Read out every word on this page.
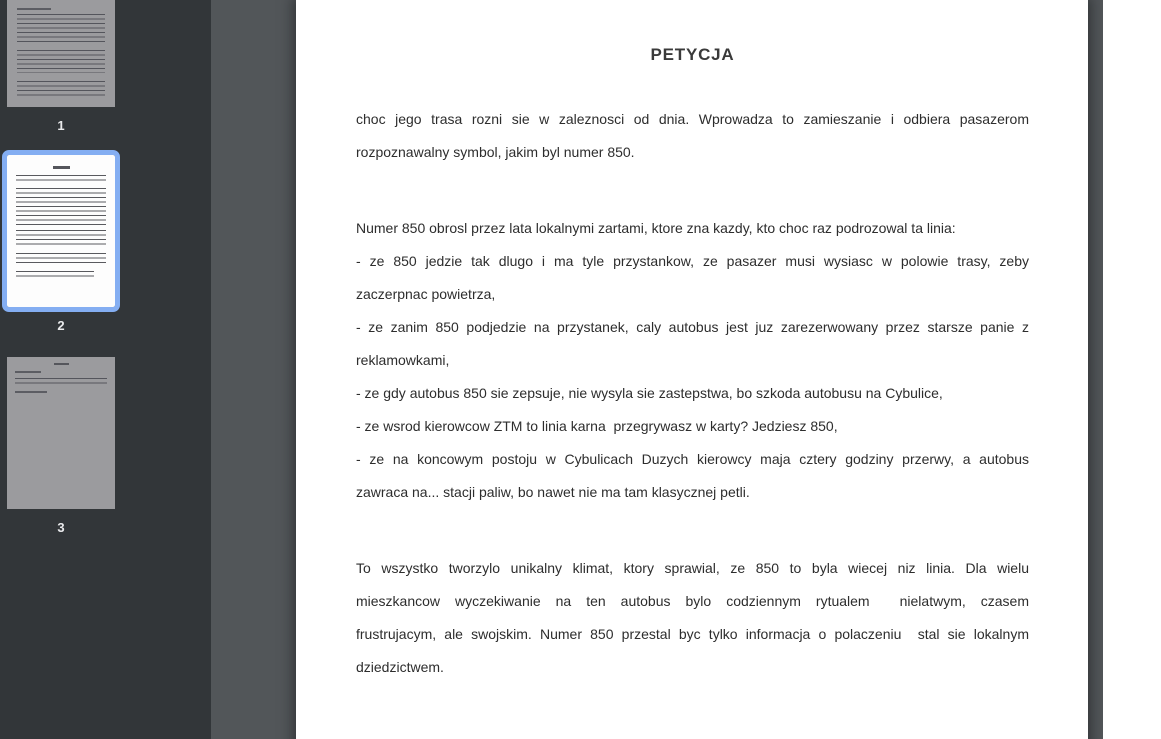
1
2
3
PETYCJA
choc jego trasa rozni sie w zaleznosci od dnia. Wprowadza to zamieszanie i odbiera pasazerom
rozpoznawalny symbol, jakim byl numer 850.
Numer 850 obrosl przez lata lokalnymi zartami, ktore zna kazdy, kto choc raz podrozowal ta linia:
- ze 850 jedzie tak dlugo i ma tyle przystankow, ze pasazer musi wysiasc w polowie trasy, zeby
zaczerpnac powietrza,
- ze zanim 850 podjedzie na przystanek, caly autobus jest juz zarezerwowany przez starsze panie z
reklamowkami,
- ze gdy autobus 850 sie zepsuje, nie wysyla sie zastepstwa, bo szkoda autobusu na Cybulice,
- ze wsrod kierowcow ZTM to linia karna  przegrywasz w karty? Jedziesz 850,
- ze na koncowym postoju w Cybulicach Duzych kierowcy maja cztery godziny przerwy, a autobus
zawraca na... stacji paliw, bo nawet nie ma tam klasycznej petli.
To wszystko tworzylo unikalny klimat, ktory sprawial, ze 850 to byla wiecej niz linia. Dla wielu
mieszkancow wyczekiwanie na ten autobus bylo codziennym rytualem  nielatwym, czasem
frustrujacym, ale swojskim. Numer 850 przestal byc tylko informacja o polaczeniu  stal sie lokalnym
dziedzictwem.
